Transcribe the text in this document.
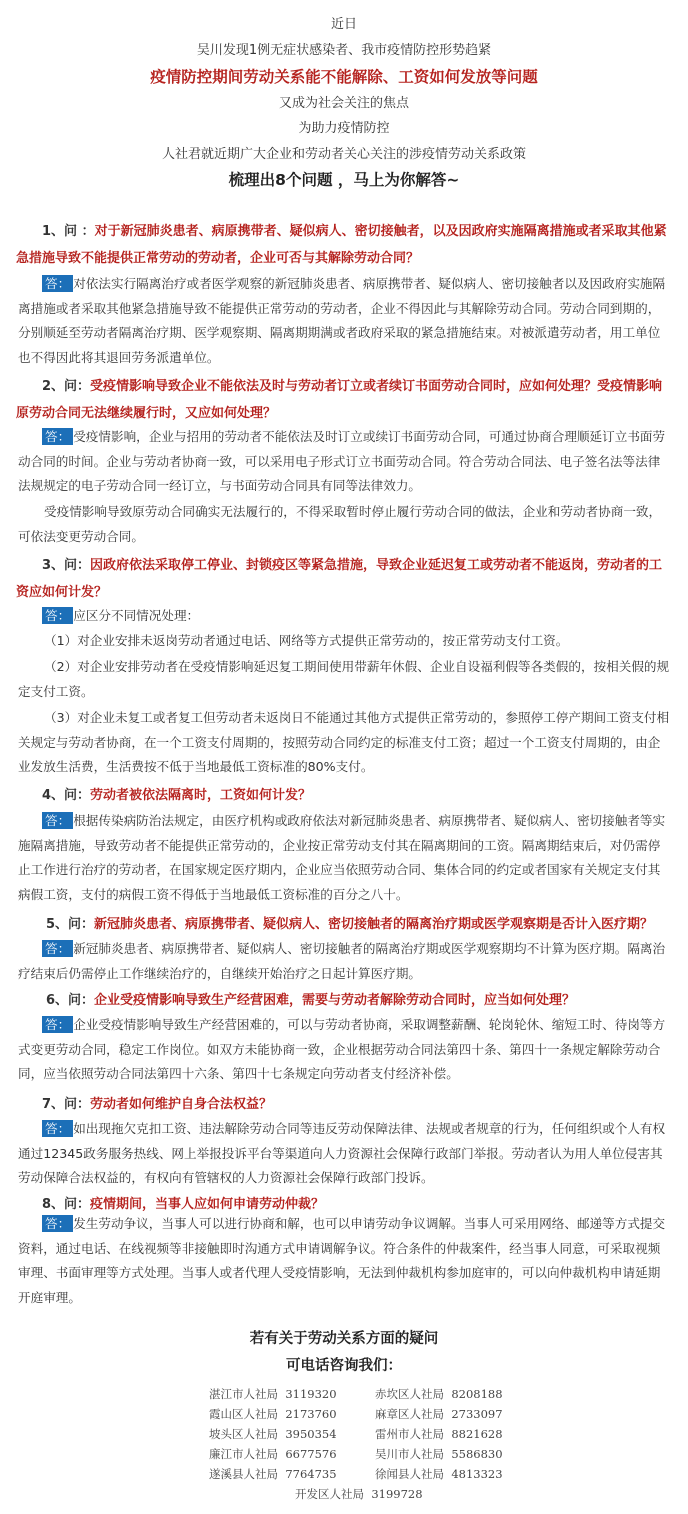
近日
吴川发现1例无症状感染者、我市疫情防控形势趋紧
疫情防控期间劳动关系能不能解除、工资如何发放等问题
又成为社会关注的焦点
为助力疫情防控
人社君就近期广大企业和劳动者关心关注的涉疫情劳动关系政策
梳理出8个问题 ，马上为你解答~
1、问 ：对于新冠肺炎患者、病原携带者、疑似病人、密切接触者，以及因政府实施隔离措施或者采取其他紧急措施导致不能提供正常劳动的劳动者，企业可否与其解除劳动合同？
答： 对依法实行隔离治疗或者医学观察的新冠肺炎患者、病原携带者、疑似病人、密切接触者以及因政府实施隔离措施或者采取其他紧急措施导致不能提供正常劳动的劳动者，企业不得因此与其解除劳动合同。劳动合同到期的，分别顺延至劳动者隔离治疗期、医学观察期、隔离期期满或者政府采取的紧急措施结束。对被派遣劳动者，用工单位也不得因此将其退回劳务派遣单位。
2、问：受疫情影响导致企业不能依法及时与劳动者订立或者续订书面劳动合同时，应如何处理？受疫情影响原劳动合同无法继续履行时，又应如何处理？
答： 受疫情影响，企业与招用的劳动者不能依法及时订立或续订书面劳动合同，可通过协商合理顺延订立书面劳动合同的时间。企业与劳动者协商一致，可以采用电子形式订立书面劳动合同。符合劳动合同法、电子签名法等法律法规规定的电子劳动合同一经订立，与书面劳动合同具有同等法律效力。
受疫情影响导致原劳动合同确实无法履行的，不得采取暂时停止履行劳动合同的做法，企业和劳动者协商一致，可依法变更劳动合同。
3、问：因政府依法采取停工停业、封锁疫区等紧急措施，导致企业延迟复工或劳动者不能返岗，劳动者的工资应如何计发？
答： 应区分不同情况处理：
（1）对企业安排未返岗劳动者通过电话、网络等方式提供正常劳动的，按正常劳动支付工资。
（2）对企业安排劳动者在受疫情影响延迟复工期间使用带薪年休假、企业自设福利假等各类假的，按相关假的规定支付工资。
（3）对企业未复工或者复工但劳动者未返岗日不能通过其他方式提供正常劳动的，参照停工停产期间工资支付相关规定与劳动者协商，在一个工资支付周期的，按照劳动合同约定的标准支付工资；超过一个工资支付周期的，由企业发放生活费，生活费按不低于当地最低工资标准的80%支付。
4、问：劳动者被依法隔离时，工资如何计发？
答： 根据传染病防治法规定，由医疗机构或政府依法对新冠肺炎患者、病原携带者、疑似病人、密切接触者等实施隔离措施，导致劳动者不能提供正常劳动的，企业按正常劳动支付其在隔离期间的工资。隔离期结束后，对仍需停止工作进行治疗的劳动者，在国家规定医疗期内，企业应当依照劳动合同、集体合同的约定或者国家有关规定支付其病假工资，支付的病假工资不得低于当地最低工资标准的百分之八十。
5、问：新冠肺炎患者、病原携带者、疑似病人、密切接触者的隔离治疗期或医学观察期是否计入医疗期？
答： 新冠肺炎患者、病原携带者、疑似病人、密切接触者的隔离治疗期或医学观察期均不计算为医疗期。隔离治疗结束后仍需停止工作继续治疗的，自继续开始治疗之日起计算医疗期。
6、问：企业受疫情影响导致生产经营困难，需要与劳动者解除劳动合同时，应当如何处理？
答： 企业受疫情影响导致生产经营困难的，可以与劳动者协商，采取调整薪酬、轮岗轮休、缩短工时、待岗等方式变更劳动合同，稳定工作岗位。如双方未能协商一致，企业根据劳动合同法第四十条、第四十一条规定解除劳动合同，应当依照劳动合同法第四十六条、第四十七条规定向劳动者支付经济补偿。
7、问：劳动者如何维护自身合法权益？
答： 如出现拖欠克扣工资、违法解除劳动合同等违反劳动保障法律、法规或者规章的行为，任何组织或个人有权通过12345政务服务热线、网上举报投诉平台等渠道向人力资源社会保障行政部门举报。劳动者认为用人单位侵害其劳动保障合法权益的，有权向有管辖权的人力资源社会保障行政部门投诉。
8、问：疫情期间，当事人应如何申请劳动仲裁？
答： 发生劳动争议，当事人可以进行协商和解，也可以申请劳动争议调解。当事人可采用网络、邮递等方式提交资料，通过电话、在线视频等非接触即时沟通方式申请调解争议。符合条件的仲裁案件，经当事人同意，可采取视频审理、书面审理等方式处理。当事人或者代理人受疫情影响，无法到仲裁机构参加庭审的，可以向仲裁机构申请延期开庭审理。
若有关于劳动关系方面的疑问
可电话咨询我们：
湛江市人社局 3119320	赤坎区人社局 8208188
霞山区人社局 2173760	麻章区人社局 2733097
坡头区人社局 3950354	雷州市人社局 8821628
廉江市人社局 6677576	吴川市人社局 5586830
遂溪县人社局 7764735	徐闻县人社局 4813323
开发区人社局 3199728
